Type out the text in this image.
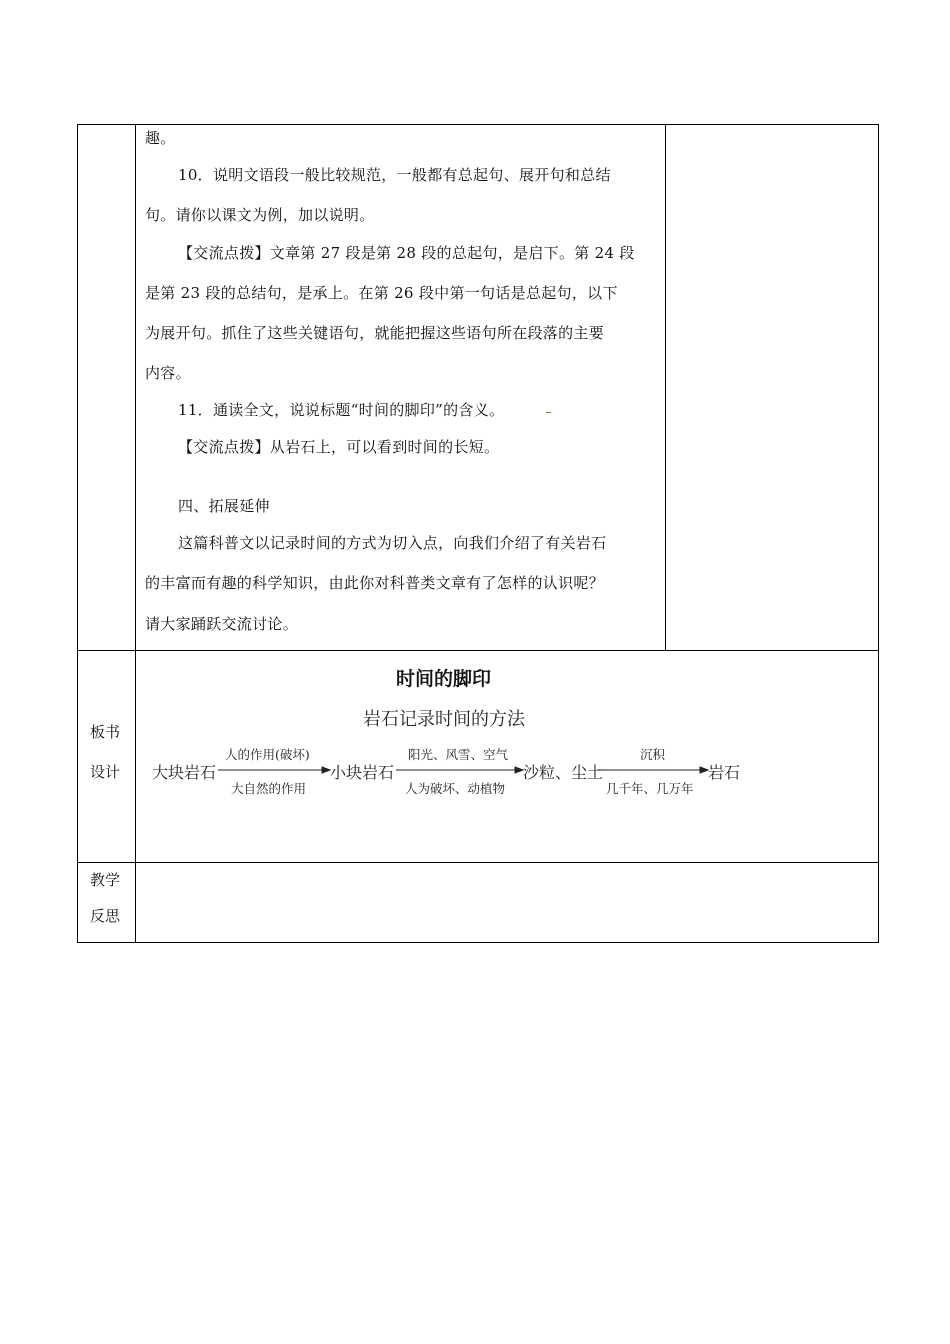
趣。
10．说明文语段一般比较规范，一般都有总起句、展开句和总结
句。请你以课文为例，加以说明。
【交流点拨】文章第 27 段是第 28 段的总起句，是启下。第 24 段
是第 23 段的总结句，是承上。在第 26 段中第一句话是总起句，以下
为展开句。抓住了这些关键语句，就能把握这些语句所在段落的主要
内容。
11．通读全文，说说标题“时间的脚印”的含义。
【交流点拨】从岩石上，可以看到时间的长短。
四、拓展延伸
这篇科普文以记录时间的方式为切入点，向我们介绍了有关岩石
的丰富而有趣的科学知识，由此你对科普类文章有了怎样的认识呢？
请大家踊跃交流讨论。
板书
设计
时间的脚印
岩石记录时间的方法
大块岩石
人的作用(破坏)
大自然的作用
小块岩石
阳光、风雪、空气
人为破坏、动植物
沙粒、尘土
沉积
几千年、几万年
岩石
教学
反思
